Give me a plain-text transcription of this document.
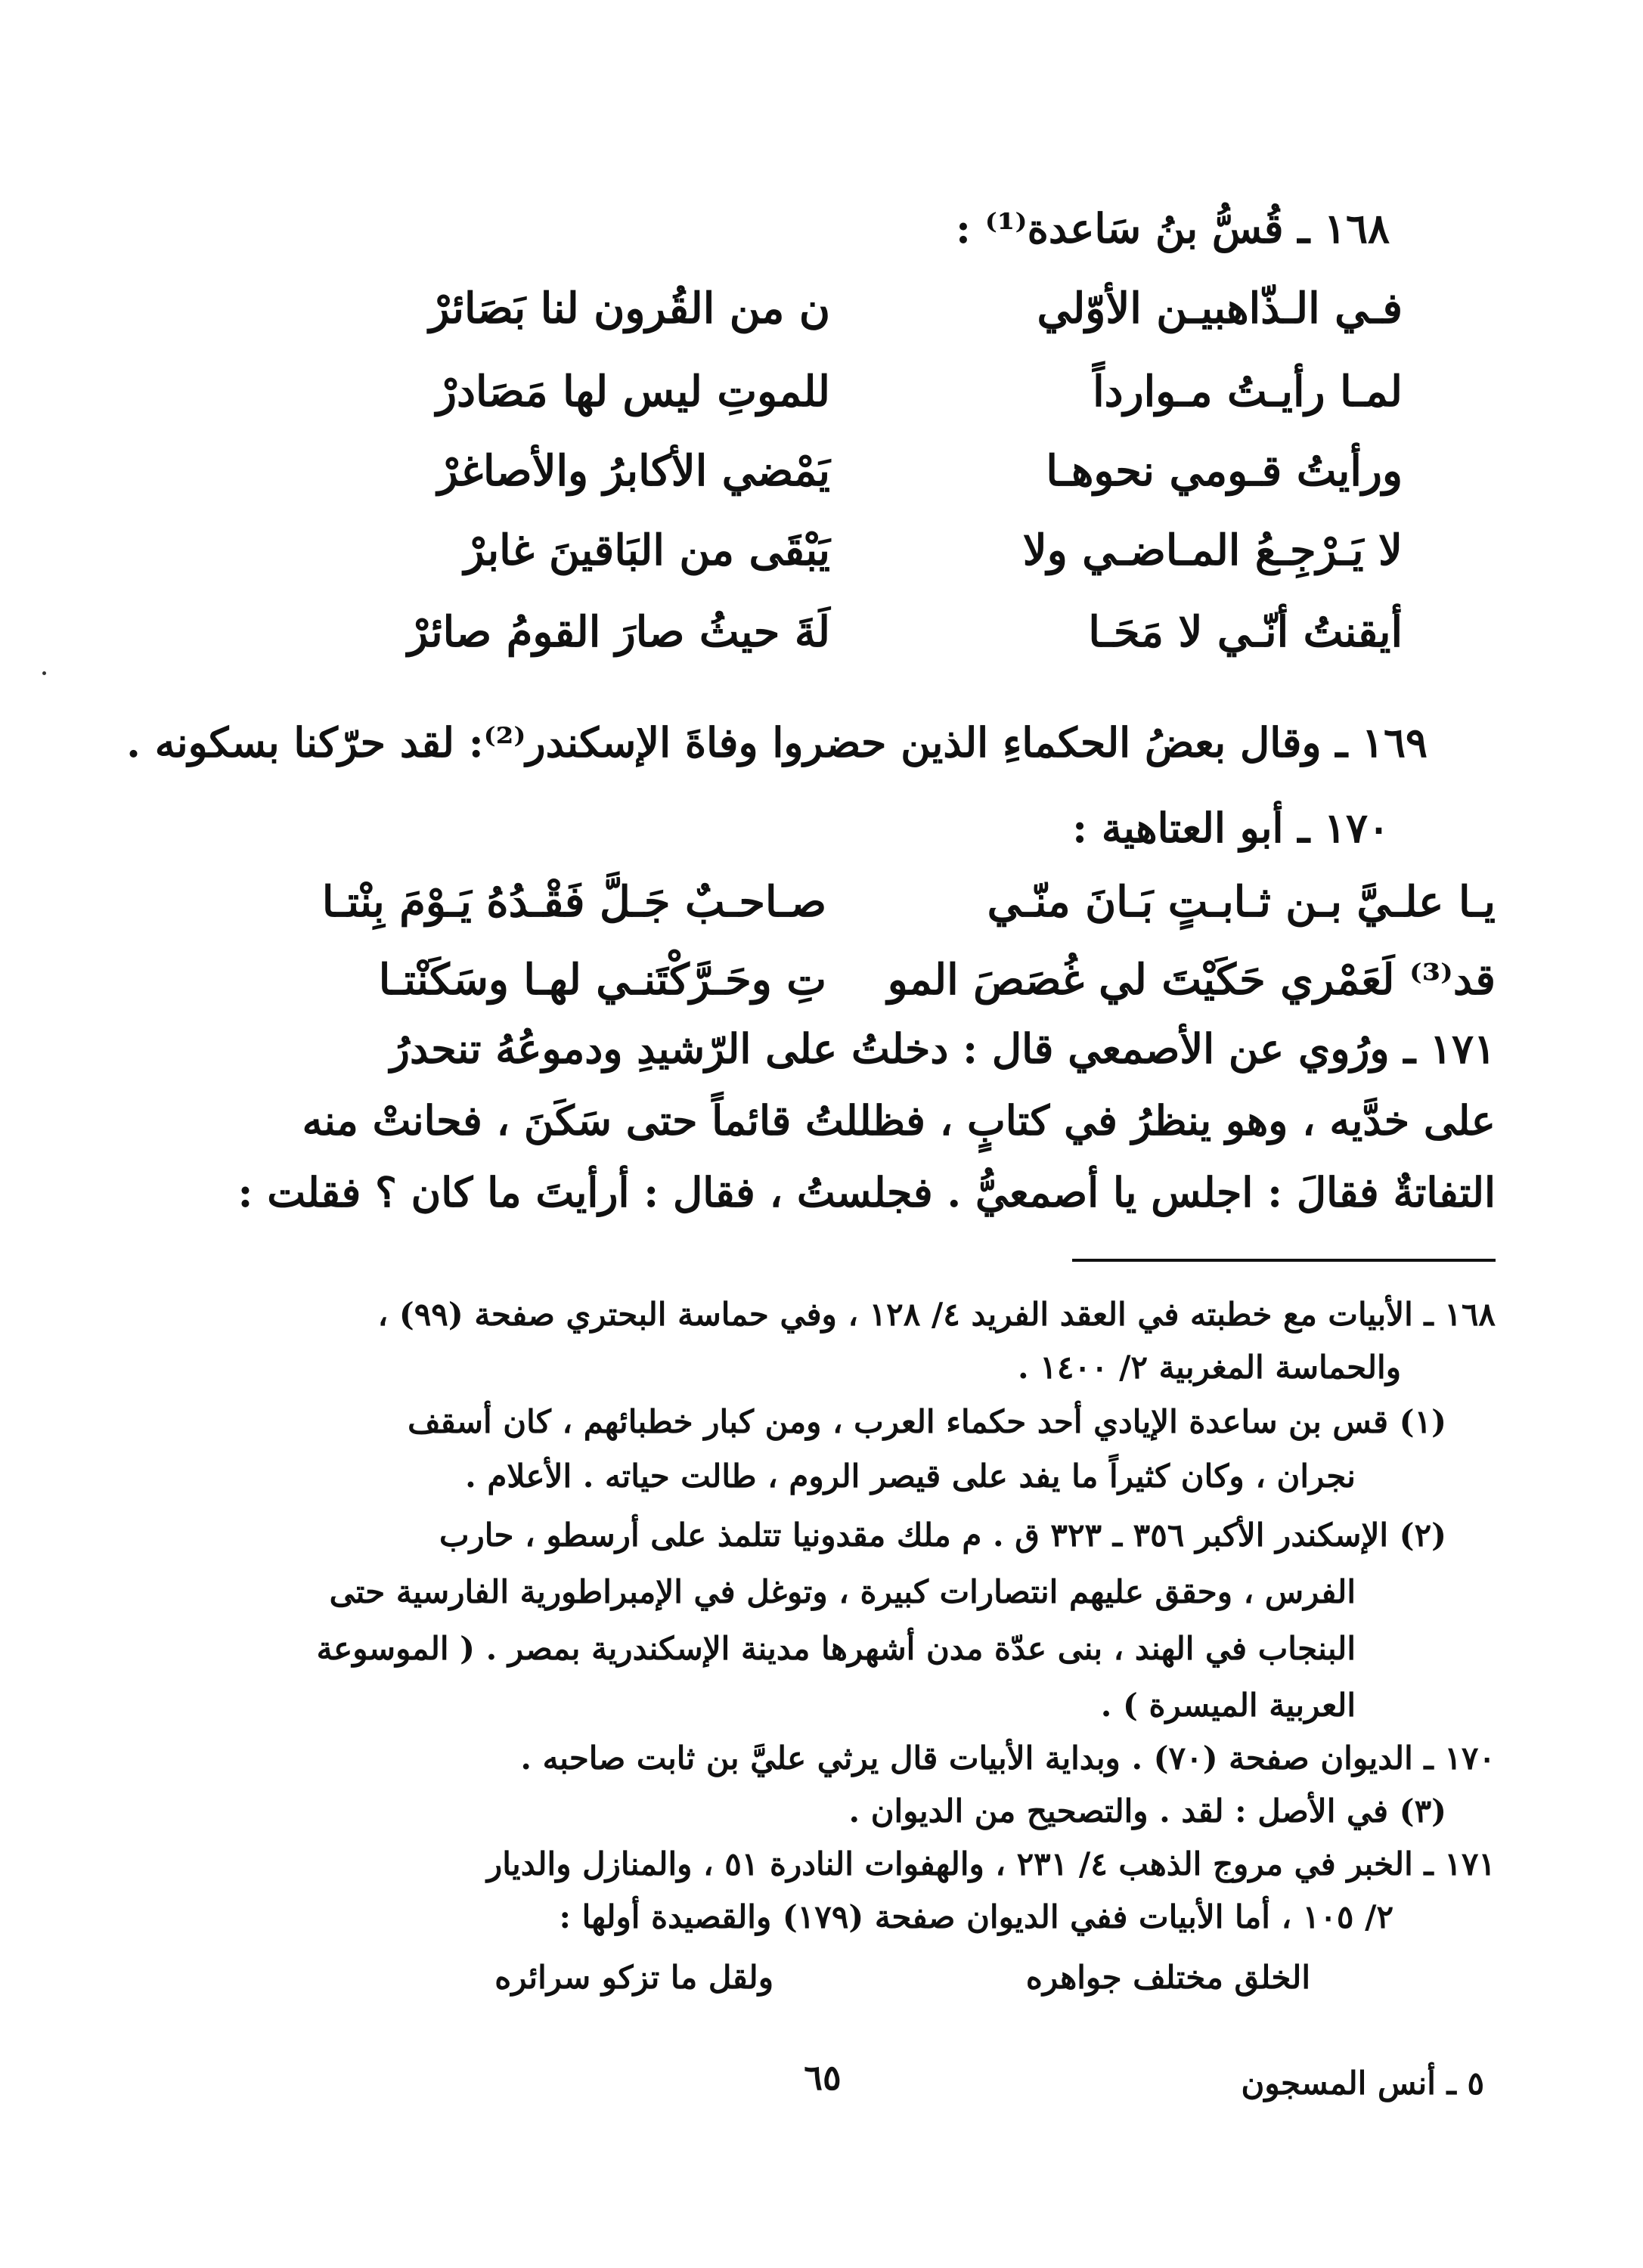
١٦٨ ـ قُسُّ بنُ سَاعدة⁽¹⁾ :
فـي الـذّاهبيـن الأوّلي
ن من القُرون لنا بَصَائرْ
لمـا رأيـتُ مـوارداً
للموتِ ليس لها مَصَادرْ
ورأيتُ قـومي نحوهـا
يَمْضي الأكابرُ والأصاغرْ
لا يَـرْجِـعُ المـاضـي ولا
يَبْقَى من البَاقينَ غابرْ
أيقنتُ أنّـي لا مَحَـا
لَةَ حيثُ صارَ القومُ صائرْ
١٦٩ ـ وقال بعضُ الحكماءِ الذين حضروا وفاةَ الإسكندر⁽²⁾: لقد حرّكنا بسكونه .
١٧٠ ـ أبو العتاهية :
يـا علـيَّ بـن ثـابـتٍ بَـانَ منّـي
صـاحـبٌ جَـلَّ فَقْـدُهُ يَـوْمَ بِنْتـا
قد⁽³⁾ لَعَمْري حَكَيْتَ لي غُصَصَ المو
تِ وحَـرَّكْتَنـي لهـا وسَكَنْتـا
١٧١ ـ ورُوي عن الأصمعي قال : دخلتُ على الرّشيدِ ودموعُهُ تنحدرُ
على خدَّيه ، وهو ينظرُ في كتابٍ ، فظللتُ قائماً حتى سَكَنَ ، فحانتْ منه
التفاتةٌ فقالَ : اجلس يا أصمعيُّ . فجلستُ ، فقال : أرأيتَ ما كان ؟ فقلت :
١٦٨ ـ الأبيات مع خطبته في العقد الفريد ٤/ ١٢٨ ، وفي حماسة البحتري صفحة (٩٩) ،
والحماسة المغربية ٢/ ١٤٠٠ .
(١) قس بن ساعدة الإيادي أحد حكماء العرب ، ومن كبار خطبائهم ، كان أسقف
نجران ، وكان كثيراً ما يفد على قيصر الروم ، طالت حياته . الأعلام .
(٢) الإسكندر الأكبر ٣٥٦ ـ ٣٢٣ ق . م ملك مقدونيا تتلمذ على أرسطو ، حارب
الفرس ، وحقق عليهم انتصارات كبيرة ، وتوغل في الإمبراطورية الفارسية حتى
البنجاب في الهند ، بنى عدّة مدن أشهرها مدينة الإسكندرية بمصر . ( الموسوعة
العربية الميسرة ) .
١٧٠ ـ الديوان صفحة (٧٠) . وبداية الأبيات قال يرثي عليَّ بن ثابت صاحبه .
(٣) في الأصل : لقد . والتصحيح من الديوان .
١٧١ ـ الخبر في مروج الذهب ٤/ ٢٣١ ، والهفوات النادرة ٥١ ، والمنازل والديار
٢/ ١٠٥ ، أما الأبيات ففي الديوان صفحة (١٧٩) والقصيدة أولها :
الخلق مختلف جواهره
ولقل ما تزكو سرائره
٦٥	٥ ـ أنس المسجون
